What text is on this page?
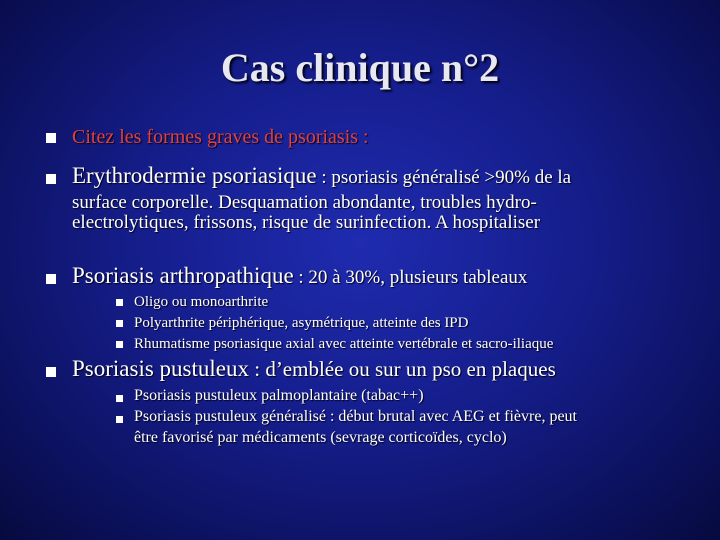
Cas clinique n°2
Citez les formes graves de psoriasis :
Erythrodermie psoriasique : psoriasis généralisé >90% de la
surface corporelle. Desquamation abondante, troubles hydro-
electrolytiques, frissons, risque de surinfection. A hospitaliser
Psoriasis arthropathique : 20 à 30%, plusieurs tableaux
Oligo ou monoarthrite
Polyarthrite périphérique, asymétrique, atteinte des IPD
Rhumatisme psoriasique axial avec atteinte vertébrale et sacro-iliaque
Psoriasis pustuleux : d’emblée ou sur un pso en plaques
Psoriasis pustuleux palmoplantaire (tabac++)
Psoriasis pustuleux généralisé : début brutal avec AEG et fièvre, peut
être favorisé par médicaments (sevrage corticoïdes, cyclo)
